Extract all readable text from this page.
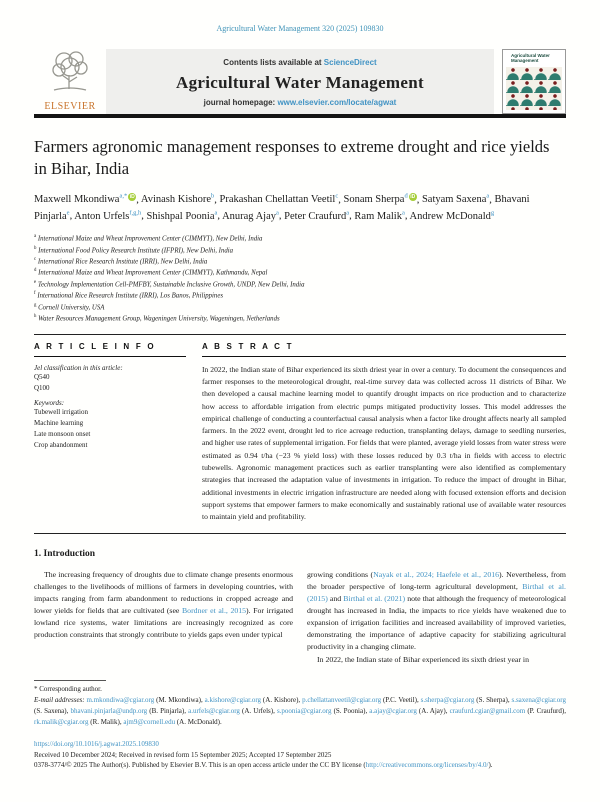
Agricultural Water Management 320 (2025) 109830
ELSEVIER
Contents lists available at ScienceDirect
Agricultural Water Management
journal homepage: www.elsevier.com/locate/agwat
Agricultural Water Management
Farmers agronomic management responses to extreme drought and rice yields in Bihar, India
Maxwell Mkondiwa$^{a,*}$ iD , Avinash Kishore$^b$, Prakashan Chellattan Veetil$^c$, Sonam Sherpa$^d$ iD , Satyam Saxena$^a$, Bhavani Pinjarla$^e$, Anton Urfels$^{f,g,h}$, Shishpal Poonia$^a$, Anurag Ajay$^a$, Peter Craufurd$^a$, Ram Malik$^a$, Andrew McDonald$^g$
$^a$ International Maize and Wheat Improvement Center (CIMMYT), New Delhi, India
$^b$ International Food Policy Research Institute (IFPRI), New Delhi, India
$^c$ International Rice Research Institute (IRRI), New Delhi, India
$^d$ International Maize and Wheat Improvement Center (CIMMYT), Kathmandu, Nepal
$^e$ Technology Implementation Cell-PMFBY, Sustainable Inclusive Growth, UNDP, New Delhi, India
$^f$ International Rice Research Institute (IRRI), Los Banos, Philippines
$^g$ Cornell University, USA
$^h$ Water Resources Management Group, Wageningen University, Wageningen, Netherlands
A R T I C L E I N F O
Jel classification in this article:
Q540
Q100
Keywords:
Tubewell irrigation
Machine learning
Late monsoon onset
Crop abandonment
A B S T R A C T
In 2022, the Indian state of Bihar experienced its sixth driest year in over a century. To document the consequences and farmer responses to the meteorological drought, real-time survey data was collected across 11 districts of Bihar. We then developed a causal machine learning model to quantify drought impacts on rice production and to characterize how access to affordable irrigation from electric pumps mitigated productivity losses. This model addresses the empirical challenge of conducting a counterfactual causal analysis when a factor like drought affects nearly all sampled farmers. In the 2022 event, drought led to rice acreage reduction, transplanting delays, damage to seedling nurseries, and higher use rates of supplemental irrigation. For fields that were planted, average yield losses from water stress were estimated as 0.94 t/ha (−23 % yield loss) with these losses reduced by 0.3 t/ha in fields with access to electric tubewells. Agronomic management practices such as earlier transplanting were also identified as complementary strategies that increased the adaptation value of investments in irrigation. To reduce the impact of drought in Bihar, additional investments in electric irrigation infrastructure are needed along with focused extension efforts and decision support systems that empower farmers to make economically and sustainably rational use of available water resources to maintain yield and profitability.
1. Introduction
The increasing frequency of droughts due to climate change presents enormous challenges to the livelihoods of millions of farmers in developing countries, with impacts ranging from farm abandonment to reductions in cropped acreage and lower yields for fields that are cultivated (see Bordner et al., 2015). For irrigated lowland rice systems, water limitations are increasingly recognized as core production constraints that strongly contribute to yields gaps even under typical
growing conditions (Nayak et al., 2024; Haefele et al., 2016). Nevertheless, from the broader perspective of long-term agricultural development, Birthal et al. (2015) and Birthal et al. (2021) note that although the frequency of meteorological drought has increased in India, the impacts to rice yields have weakened due to expansion of irrigation facilities and increased availability of improved varieties, demonstrating the importance of adaptive capacity for stabilizing agricultural productivity in a changing climate.
In 2022, the Indian state of Bihar experienced its sixth driest year in
* Corresponding author.
E-mail addresses: m.mkondiwa@cgiar.org (M. Mkondiwa), a.kishore@cgiar.org (A. Kishore), p.chellattanveetil@cgiar.org (P.C. Veetil), s.sherpa@cgiar.org (S. Sherpa), s.saxena@cgiar.org (S. Saxena), bhavani.pinjarla@undp.org (B. Pinjarla), a.urfels@cgiar.org (A. Urfels), s.poonia@cgiar.org (S. Poonia), a.ajay@cgiar.org (A. Ajay), craufurd.cgiar@gmail.com (P. Craufurd), rk.malik@cgiar.org (R. Malik), ajm9@cornell.edu (A. McDonald).
https://doi.org/10.1016/j.agwat.2025.109830
Received 10 December 2024; Received in revised form 15 September 2025; Accepted 17 September 2025
0378-3774/© 2025 The Author(s). Published by Elsevier B.V. This is an open access article under the CC BY license (http://creativecommons.org/licenses/by/4.0/).
